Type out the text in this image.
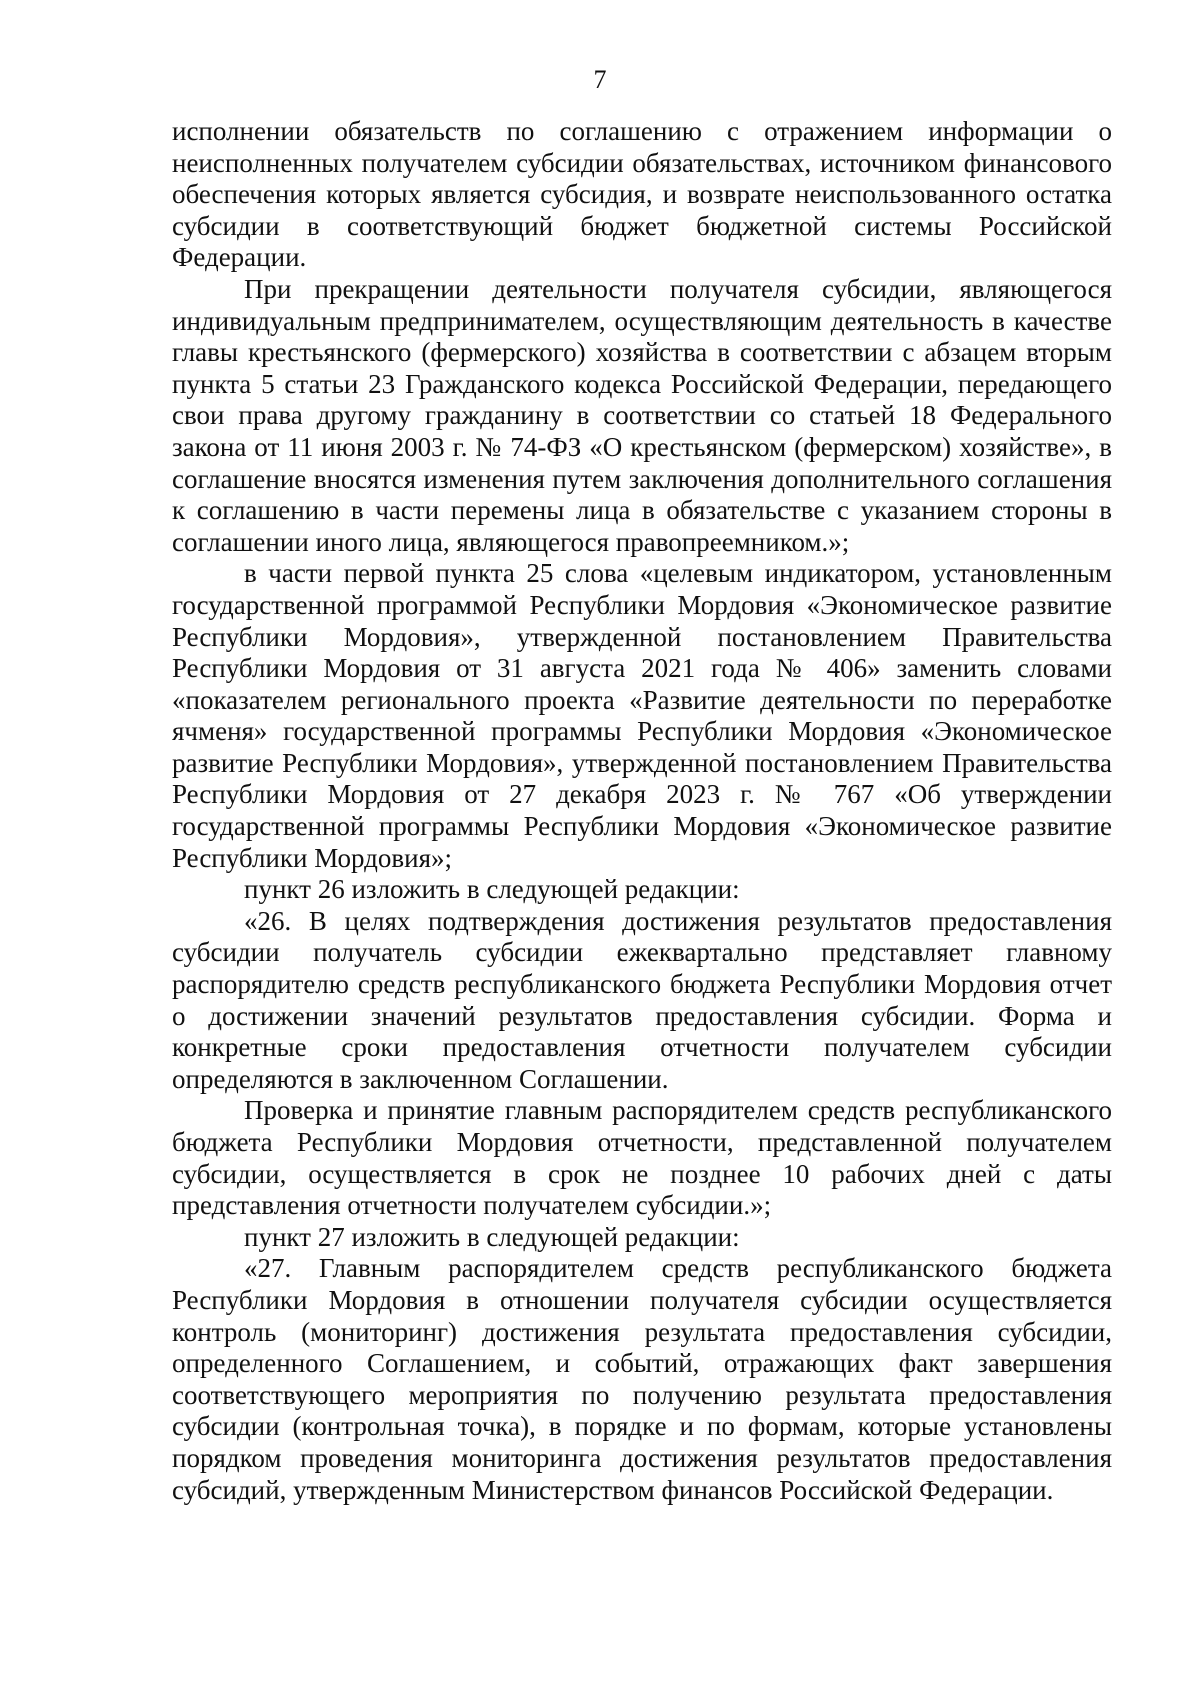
7

исполнении обязательств по соглашению с отражением информации о неисполненных получателем субсидии обязательствах, источником финансового обеспечения которых является субсидия, и возврате неиспользованного остатка субсидии в соответствующий бюджет бюджетной системы Российской Федерации.

При прекращении деятельности получателя субсидии, являющегося индивидуальным предпринимателем, осуществляющим деятельность в качестве главы крестьянского (фермерского) хозяйства в соответствии с абзацем вторым пункта 5 статьи 23 Гражданского кодекса Российской Федерации, передающего свои права другому гражданину в соответствии со статьей 18 Федерального закона от 11 июня 2003 г. № 74-ФЗ «О крестьянском (фермерском) хозяйстве», в соглашение вносятся изменения путем заключения дополнительного соглашения к соглашению в части перемены лица в обязательстве с указанием стороны в соглашении иного лица, являющегося правопреемником.»;

в части первой пункта 25 слова «целевым индикатором, установленным государственной программой Республики Мордовия «Экономическое развитие Республики Мордовия», утвержденной постановлением Правительства Республики Мордовия от 31 августа 2021 года № 406» заменить словами «показателем регионального проекта «Развитие деятельности по переработке ячменя» государственной программы Республики Мордовия «Экономическое развитие Республики Мордовия», утвержденной постановлением Правительства Республики Мордовия от 27 декабря 2023 г. № 767 «Об утверждении государственной программы Республики Мордовия «Экономическое развитие Республики Мордовия»;

пункт 26 изложить в следующей редакции:

«26. В целях подтверждения достижения результатов предоставления субсидии получатель субсидии ежеквартально представляет главному распорядителю средств республиканского бюджета Республики Мордовия отчет о достижении значений результатов предоставления субсидии. Форма и конкретные сроки предоставления отчетности получателем субсидии определяются в заключенном Соглашении.

Проверка и принятие главным распорядителем средств республиканского бюджета Республики Мордовия отчетности, представленной получателем субсидии, осуществляется в срок не позднее 10 рабочих дней с даты представления отчетности получателем субсидии.»;

пункт 27 изложить в следующей редакции:

«27. Главным распорядителем средств республиканского бюджета Республики Мордовия в отношении получателя субсидии осуществляется контроль (мониторинг) достижения результата предоставления субсидии, определенного Соглашением, и событий, отражающих факт завершения соответствующего мероприятия по получению результата предоставления субсидии (контрольная точка), в порядке и по формам, которые установлены порядком проведения мониторинга достижения результатов предоставления субсидий, утвержденным Министерством финансов Российской Федерации.
